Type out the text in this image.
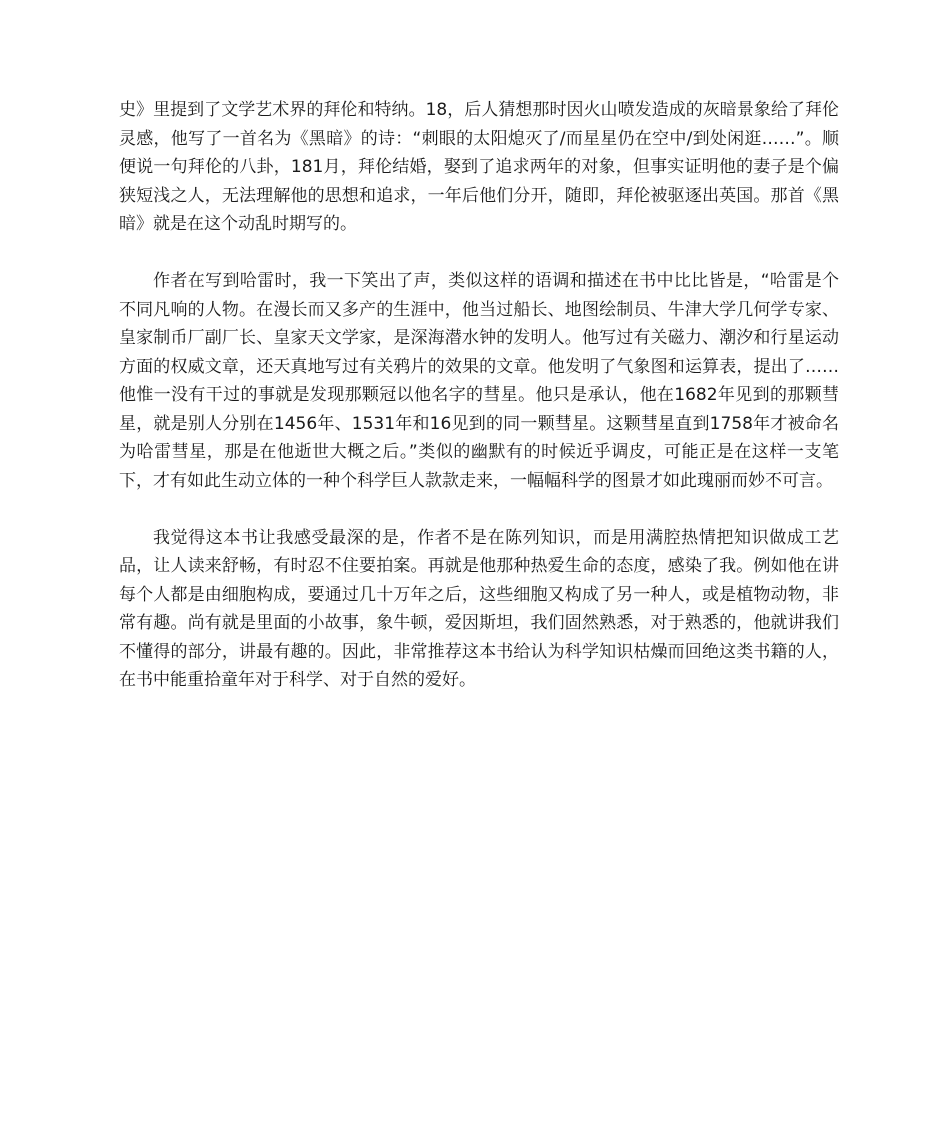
史》里提到了文学艺术界的拜伦和特纳。18，后人猜想那时因火山喷发造成的灰暗景象给了拜伦灵感，他写了一首名为《黑暗》的诗：“刺眼的太阳熄灭了/而星星仍在空中/到处闲逛……”。顺便说一句拜伦的八卦，181月，拜伦结婚，娶到了追求两年的对象，但事实证明他的妻子是个偏狭短浅之人，无法理解他的思想和追求，一年后他们分开，随即，拜伦被驱逐出英国。那首《黑暗》就是在这个动乱时期写的。

作者在写到哈雷时，我一下笑出了声，类似这样的语调和描述在书中比比皆是，“哈雷是个不同凡响的人物。在漫长而又多产的生涯中，他当过船长、地图绘制员、牛津大学几何学专家、皇家制币厂副厂长、皇家天文学家，是深海潜水钟的发明人。他写过有关磁力、潮汐和行星运动方面的权威文章，还天真地写过有关鸦片的效果的文章。他发明了气象图和运算表，提出了……他惟一没有干过的事就是发现那颗冠以他名字的彗星。他只是承认，他在1682年见到的那颗彗星，就是别人分别在1456年、1531年和16见到的同一颗彗星。这颗彗星直到1758年才被命名为哈雷彗星，那是在他逝世大概之后。”类似的幽默有的时候近乎调皮，可能正是在这样一支笔下，才有如此生动立体的一种个科学巨人款款走来，一幅幅科学的图景才如此瑰丽而妙不可言。

我觉得这本书让我感受最深的是，作者不是在陈列知识，而是用满腔热情把知识做成工艺品，让人读来舒畅，有时忍不住要拍案。再就是他那种热爱生命的态度，感染了我。例如他在讲每个人都是由细胞构成，要通过几十万年之后，这些细胞又构成了另一种人，或是植物动物，非常有趣。尚有就是里面的小故事，象牛顿，爱因斯坦，我们固然熟悉，对于熟悉的，他就讲我们不懂得的部分，讲最有趣的。因此，非常推荐这本书给认为科学知识枯燥而回绝这类书籍的人，在书中能重拾童年对于科学、对于自然的爱好。
